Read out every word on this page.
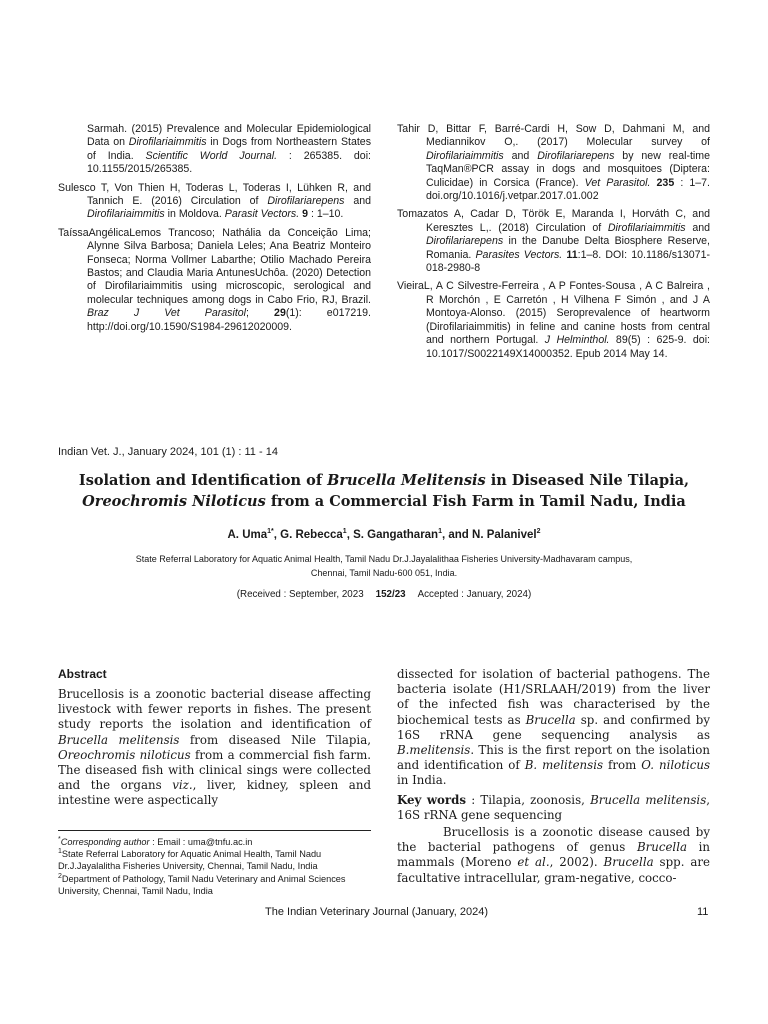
Sarmah. (2015) Prevalence and Molecular Epidemiological Data on Dirofilariaimmitis in Dogs from Northeastern States of India. Scientific World Journal. : 265385. doi: 10.1155/2015/265385.

Sulesco T, Von Thien H, Toderas L, Toderas I, Lühken R, and Tannich E. (2016) Circulation of Dirofilariarepens and Dirofilariaimmitis in Moldova. Parasit Vectors. 9 : 1–10.

TaíssaAngélicaLemos Trancoso; Nathália da Conceição Lima; Alynne Silva Barbosa; Daniela Leles; Ana Beatriz Monteiro Fonseca; Norma Vollmer Labarthe; Otilio Machado Pereira Bastos; and Claudia Maria AntunesUchôa. (2020) Detection of Dirofilariaimmitis using microscopic, serological and molecular techniques among dogs in Cabo Frio, RJ, Brazil. Braz J Vet Parasitol; 29(1): e017219. http://doi.org/10.1590/S1984-29612020009.

Tahir D, Bittar F, Barré-Cardi H, Sow D, Dahmani M, and Mediannikov O,. (2017) Molecular survey of Dirofilariaimmitis and Dirofilariarepens by new real-time TaqMan®PCR assay in dogs and mosquitoes (Diptera: Culicidae) in Corsica (France). Vet Parasitol. 235 : 1–7. doi.org/10.1016/j.vetpar.2017.01.002

Tomazatos A, Cadar D, Török E, Maranda I, Horváth C, and Keresztes L,. (2018) Circulation of Dirofilariaimmitis and Dirofilariarepens in the Danube Delta Biosphere Reserve, Romania. Parasites Vectors. 11:1–8. DOI: 10.1186/s13071-018-2980-8

VieiraL, A C Silvestre-Ferreira , A P Fontes-Sousa , A C Balreira , R Morchón , E Carretón , H Vilhena F Simón , and J A Montoya-Alonso. (2015) Seroprevalence of heartworm (Dirofilariaimmitis) in feline and canine hosts from central and northern Portugal. J Helminthol. 89(5) : 625-9. doi: 10.1017/S0022149X14000352. Epub 2014 May 14.

Indian Vet. J., January 2024, 101 (1) : 11 - 14
Isolation and Identification of Brucella Melitensis in Diseased Nile Tilapia,
Oreochromis Niloticus from a Commercial Fish Farm in Tamil Nadu, India
A. Uma$^{1*}$, G. Rebecca$^1$, S. Gangatharan$^1$, and N. Palanivel$^2$
State Referral Laboratory for Aquatic Animal Health, Tamil Nadu Dr.J.Jayalalithaa Fisheries University-Madhavaram campus,
Chennai, Tamil Nadu-600 051, India.
(Received : September, 2023 152/23 Accepted : January, 2024)
Abstract

Brucellosis is a zoonotic bacterial disease affecting livestock with fewer reports in fishes. The present study reports the isolation and identification of Brucella melitensis from diseased Nile Tilapia, Oreochromis niloticus from a commercial fish farm. The diseased fish with clinical sings were collected and the organs viz., liver, kidney, spleen and intestine were aspectically

dissected for isolation of bacterial pathogens. The bacteria isolate (H1/SRLAAH/2019) from the liver of the infected fish was characterised by the biochemical tests as Brucella sp. and confirmed by 16S rRNA gene sequencing analysis as B.melitensis. This is the first report on the isolation and identification of B. melitensis from O. niloticus in India.

Key words : Tilapia, zoonosis, Brucella melitensis, 16S rRNA gene sequencing

Brucellosis is a zoonotic disease caused by the bacterial pathogens of genus Brucella in mammals (Moreno et al., 2002). Brucella spp. are facultative intracellular, gram-negative, cocco-

*Corresponding author : Email : uma@tnfu.ac.in

$^1$State Referral Laboratory for Aquatic Animal Health, Tamil Nadu Dr.J.Jayalalitha Fisheries University, Chennai, Tamil Nadu, India

$^2$Department of Pathology, Tamil Nadu Veterinary and Animal Sciences University, Chennai, Tamil Nadu, India

The Indian Veterinary Journal (January, 2024)	11
